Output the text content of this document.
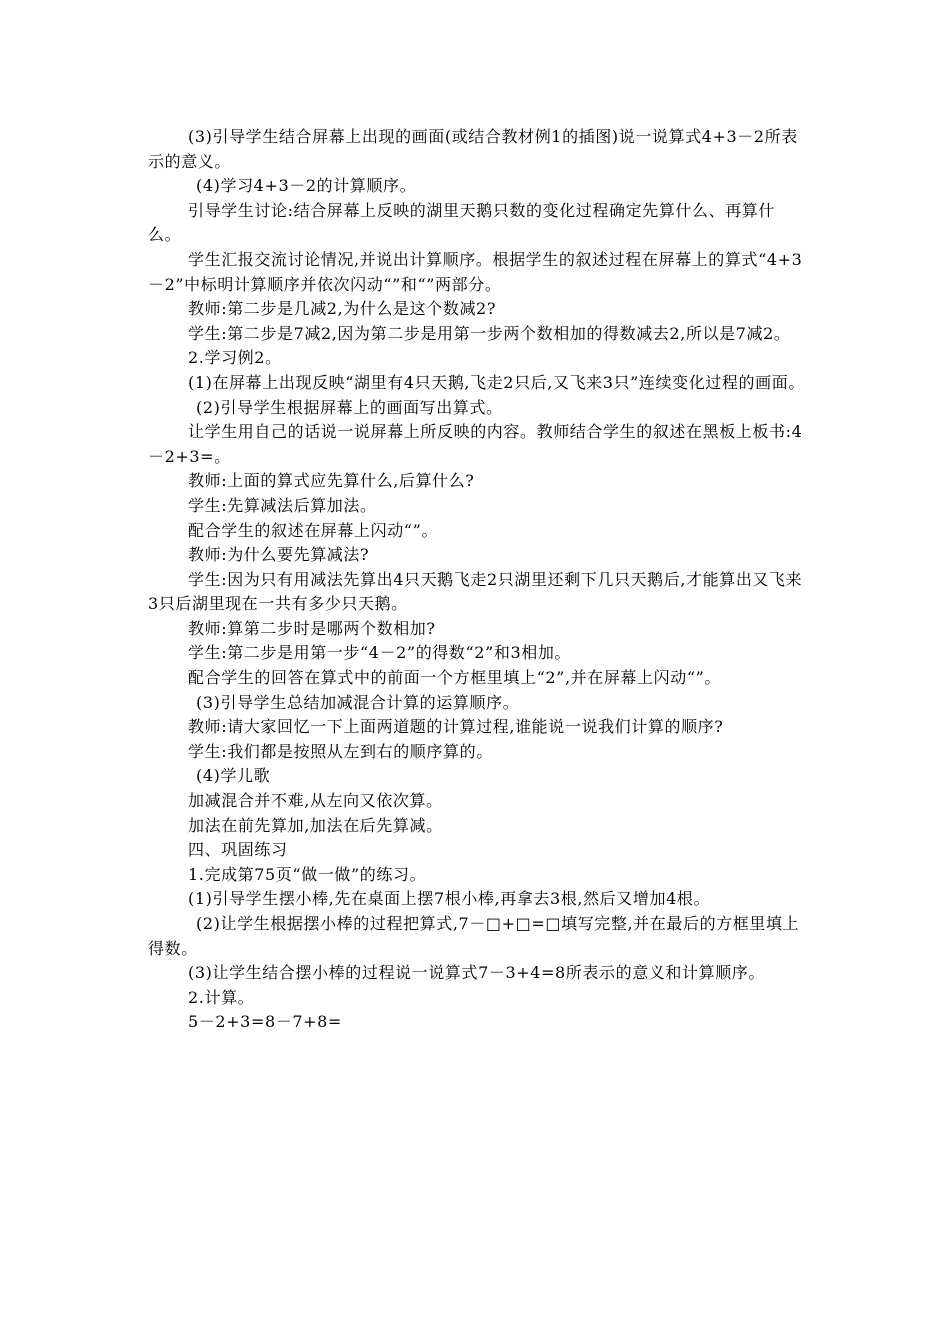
(3)引导学生结合屏幕上出现的画面(或结合教材例1的插图)说一说算式4+3－2所表示的意义。

(4)学习4+3－2的计算顺序。

引导学生讨论:结合屏幕上反映的湖里天鹅只数的变化过程确定先算什么、再算什么。

学生汇报交流讨论情况,并说出计算顺序。根据学生的叙述过程在屏幕上的算式“4+3－2”中标明计算顺序并依次闪动“”和“”两部分。

教师:第二步是几减2,为什么是这个数减2?

学生:第二步是7减2,因为第二步是用第一步两个数相加的得数减去2,所以是7减2。

2.学习例2。

(1)在屏幕上出现反映“湖里有4只天鹅,飞走2只后,又飞来3只”连续变化过程的画面。

(2)引导学生根据屏幕上的画面写出算式。

让学生用自己的话说一说屏幕上所反映的内容。教师结合学生的叙述在黑板上板书:4－2+3=。

教师:上面的算式应先算什么,后算什么?

学生:先算减法后算加法。

配合学生的叙述在屏幕上闪动“”。

教师:为什么要先算减法?

学生:因为只有用减法先算出4只天鹅飞走2只湖里还剩下几只天鹅后,才能算出又飞来3只后湖里现在一共有多少只天鹅。

教师:算第二步时是哪两个数相加?

学生:第二步是用第一步“4－2”的得数“2”和3相加。

配合学生的回答在算式中的前面一个方框里填上“2”,并在屏幕上闪动“”。

(3)引导学生总结加减混合计算的运算顺序。

教师:请大家回忆一下上面两道题的计算过程,谁能说一说我们计算的顺序?

学生:我们都是按照从左到右的顺序算的。

(4)学儿歌

加减混合并不难,从左向又依次算。

加法在前先算加,加法在后先算减。

四、巩固练习

1.完成第75页“做一做”的练习。

(1)引导学生摆小棒,先在桌面上摆7根小棒,再拿去3根,然后又增加4根。

(2)让学生根据摆小棒的过程把算式,7－□+□=□填写完整,并在最后的方框里填上得数。

(3)让学生结合摆小棒的过程说一说算式7－3+4=8所表示的意义和计算顺序。

2.计算。

5－2+3=8－7+8=
